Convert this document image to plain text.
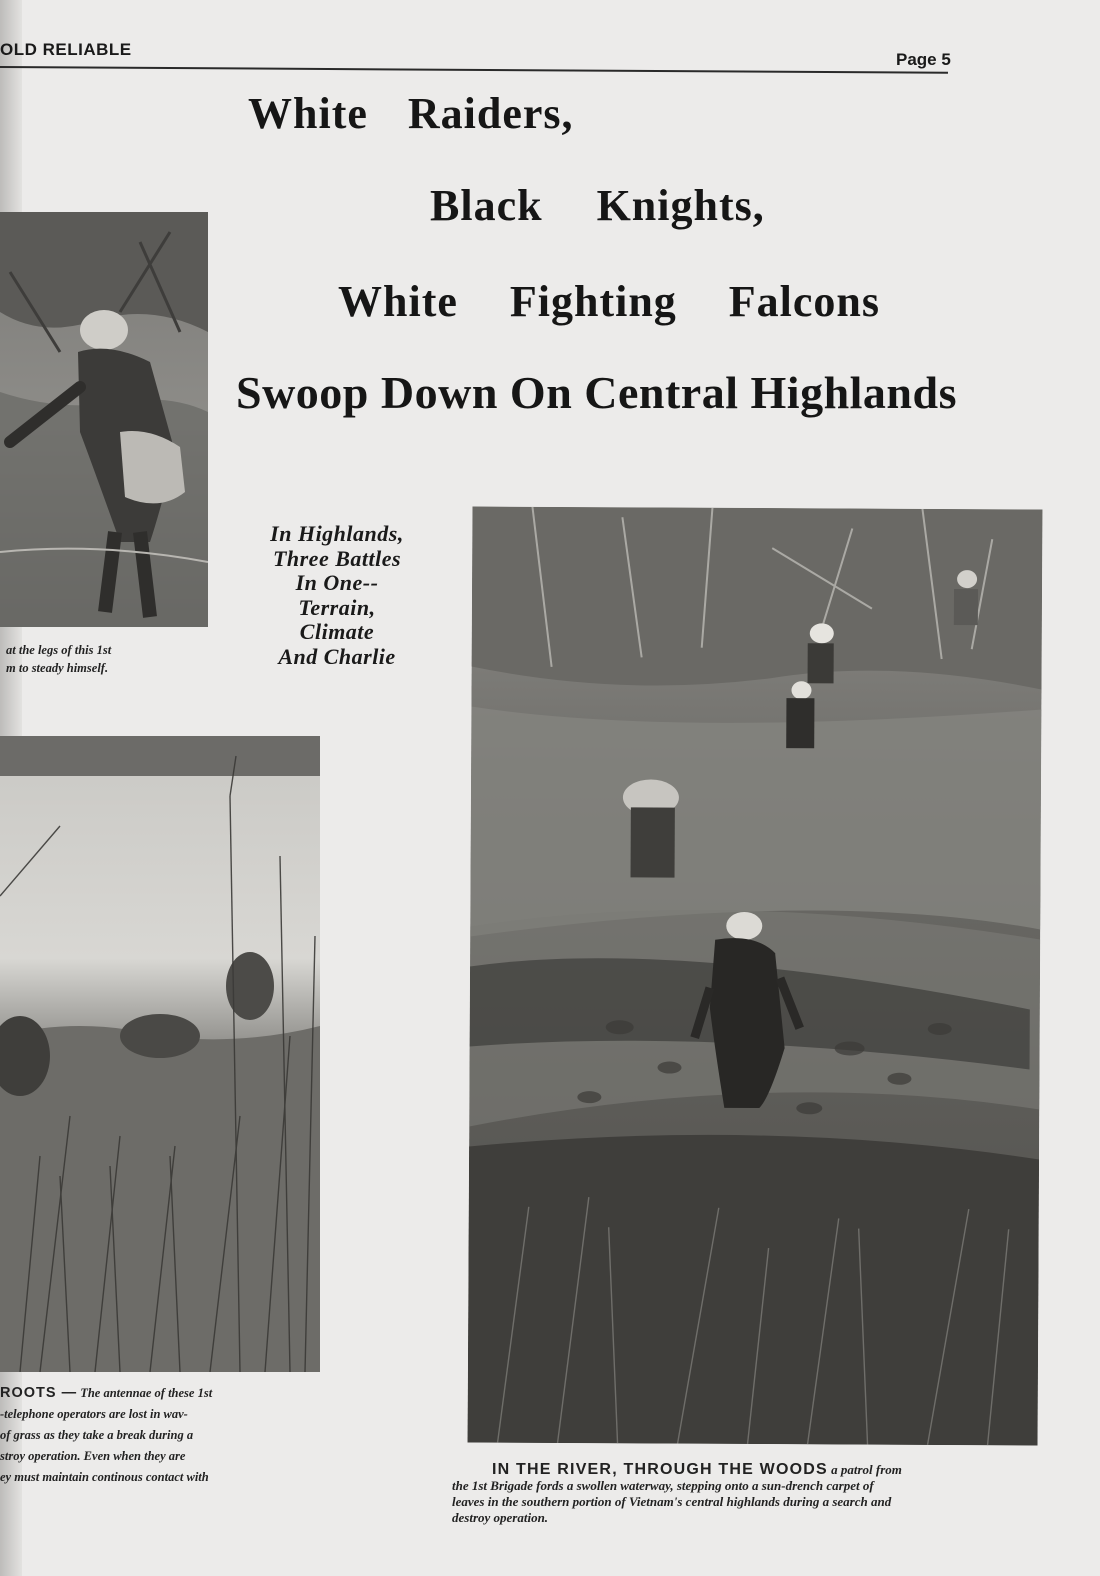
OLD RELIABLE
Page 5
White Raiders,
Black Knights,
White Fighting Falcons
Swoop Down On Central Highlands
In Highlands,
Three Battles
In One--
Terrain,
Climate
And Charlie
at the legs of this 1st
m to steady himself.
ROOTS — The antennae of these 1st
-telephone operators are lost in wav-
of grass as they take a break during a
stroy operation. Even when they are
ey must maintain continous contact with	IN THE RIVER, THROUGH THE WOODS a patrol from
the 1st Brigade fords a swollen waterway, stepping onto a sun-drench carpet of
leaves in the southern portion of Vietnam's central highlands during a search and
destroy operation.
